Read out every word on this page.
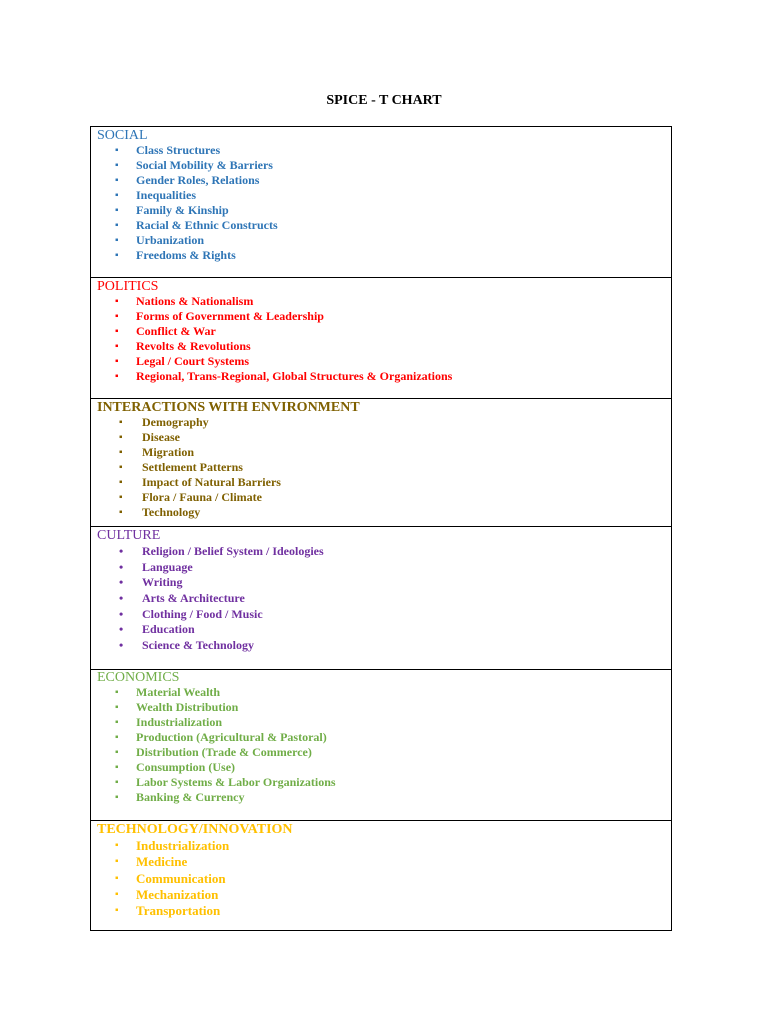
SPICE - T CHART
SOCIAL
▪ Class Structures
▪ Social Mobility & Barriers
▪ Gender Roles, Relations
▪ Inequalities
▪ Family & Kinship
▪ Racial & Ethnic Constructs
▪ Urbanization
▪ Freedoms & Rights
POLITICS
▪ Nations & Nationalism
▪ Forms of Government & Leadership
▪ Conflict & War
▪ Revolts & Revolutions
▪ Legal / Court Systems
▪ Regional, Trans-Regional, Global Structures & Organizations
INTERACTIONS WITH ENVIRONMENT
▪ Demography
▪ Disease
▪ Migration
▪ Settlement Patterns
▪ Impact of Natural Barriers
▪ Flora / Fauna / Climate
▪ Technology
CULTURE
• Religion / Belief System / Ideologies
• Language
• Writing
• Arts & Architecture
• Clothing / Food / Music
• Education
• Science & Technology
ECONOMICS
▪ Material Wealth
▪ Wealth Distribution
▪ Industrialization
▪ Production (Agricultural & Pastoral)
▪ Distribution (Trade & Commerce)
▪ Consumption (Use)
▪ Labor Systems & Labor Organizations
▪ Banking & Currency
TECHNOLOGY/INNOVATION
▪ Industrialization
▪ Medicine
▪ Communication
▪ Mechanization
▪ Transportation
